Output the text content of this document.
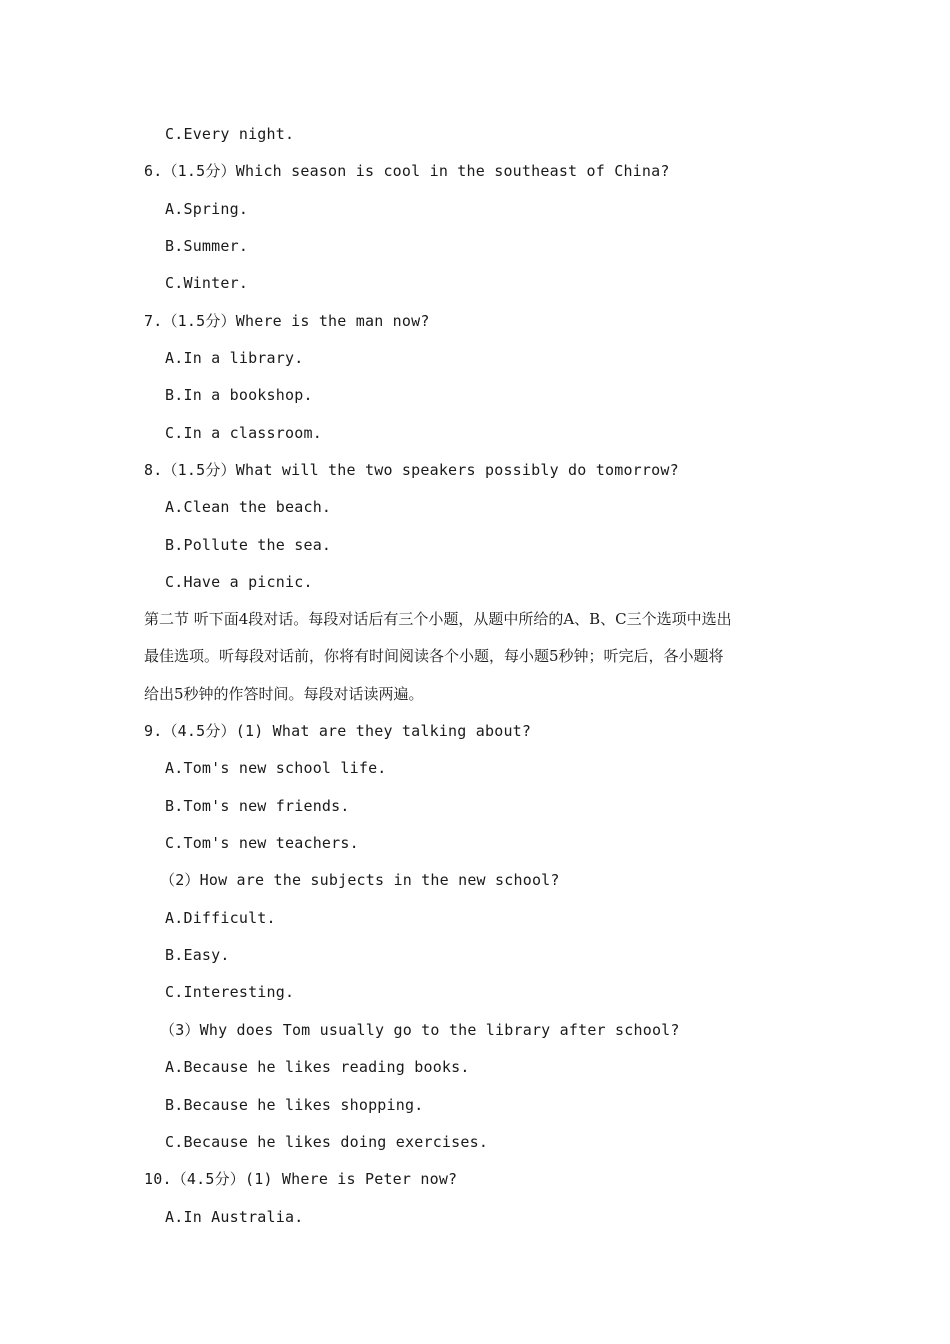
C.Every night.
6.（1.5分）Which season is cool in the southeast of China?
A.Spring.
B.Summer.
C.Winter.
7.（1.5分）Where is the man now?
A.In a library.
B.In a bookshop.
C.In a classroom.
8.（1.5分）What will the two speakers possibly do tomorrow?
A.Clean the beach.
B.Pollute the sea.
C.Have a picnic.
第二节 听下面4段对话。每段对话后有三个小题，从题中所给的A、B、C三个选项中选出
最佳选项。听每段对话前，你将有时间阅读各个小题，每小题5秒钟；听完后，各小题将
给出5秒钟的作答时间。每段对话读两遍。
9.（4.5分）(1) What are they talking about?
A.Tom's new school life.
B.Tom's new friends.
C.Tom's new teachers.
（2）How are the subjects in the new school?
A.Difficult.
B.Easy.
C.Interesting.
（3）Why does Tom usually go to the library after school?
A.Because he likes reading books.
B.Because he likes shopping.
C.Because he likes doing exercises.
10.（4.5分）(1) Where is Peter now?
A.In Australia.
